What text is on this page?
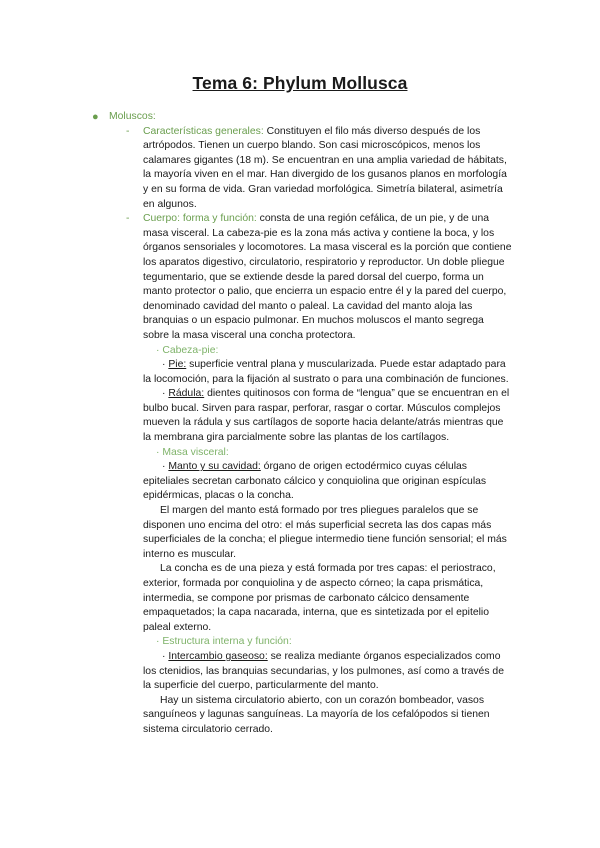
Tema 6: Phylum Mollusca
● Moluscos:
- Características generales: Constituyen el filo más diverso después de los artrópodos. Tienen un cuerpo blando. Son casi microscópicos, menos los calamares gigantes (18 m). Se encuentran en una amplia variedad de hábitats, la mayoría viven en el mar. Han divergido de los gusanos planos en morfología y en su forma de vida. Gran variedad morfológica. Simetría bilateral, asimetría en algunos.
- Cuerpo: forma y función: consta de una región cefálica, de un pie, y de una masa visceral. La cabeza-pie es la zona más activa y contiene la boca, y los órganos sensoriales y locomotores. La masa visceral es la porción que contiene los aparatos digestivo, circulatorio, respiratorio y reproductor. Un doble pliegue tegumentario, que se extiende desde la pared dorsal del cuerpo, forma un manto protector o palio, que encierra un espacio entre él y la pared del cuerpo, denominado cavidad del manto o paleal. La cavidad del manto aloja las branquias o un espacio pulmonar. En muchos moluscos el manto segrega sobre la masa visceral una concha protectora.
· Cabeza-pie:

· Pie: superficie ventral plana y muscularizada. Puede estar adaptado para la locomoción, para la fijación al sustrato o para una combinación de funciones.

· Rádula: dientes quitinosos con forma de “lengua” que se encuentran en el bulbo bucal. Sirven para raspar, perforar, rasgar o cortar. Músculos complejos mueven la rádula y sus cartílagos de soporte hacia delante/atrás mientras que la membrana gira parcialmente sobre las plantas de los cartílagos.

· Masa visceral:

· Manto y su cavidad: órgano de origen ectodérmico cuyas células epiteliales secretan carbonato cálcico y conquiolina que originan espículas epidérmicas, placas o la concha.

El margen del manto está formado por tres pliegues paralelos que se disponen uno encima del otro: el más superficial secreta las dos capas más superficiales de la concha; el pliegue intermedio tiene función sensorial; el más interno es muscular.

La concha es de una pieza y está formada por tres capas: el periostraco, exterior, formada por conquiolina y de aspecto córneo; la capa prismática, intermedia, se compone por prismas de carbonato cálcico densamente empaquetados; la capa nacarada, interna, que es sintetizada por el epitelio paleal externo.

· Estructura interna y función:

· Intercambio gaseoso: se realiza mediante órganos especializados como los ctenidios, las branquias secundarias, y los pulmones, así como a través de la superficie del cuerpo, particularmente del manto.

Hay un sistema circulatorio abierto, con un corazón bombeador, vasos sanguíneos y lagunas sanguíneas. La mayoría de los cefalópodos si tienen sistema circulatorio cerrado.
